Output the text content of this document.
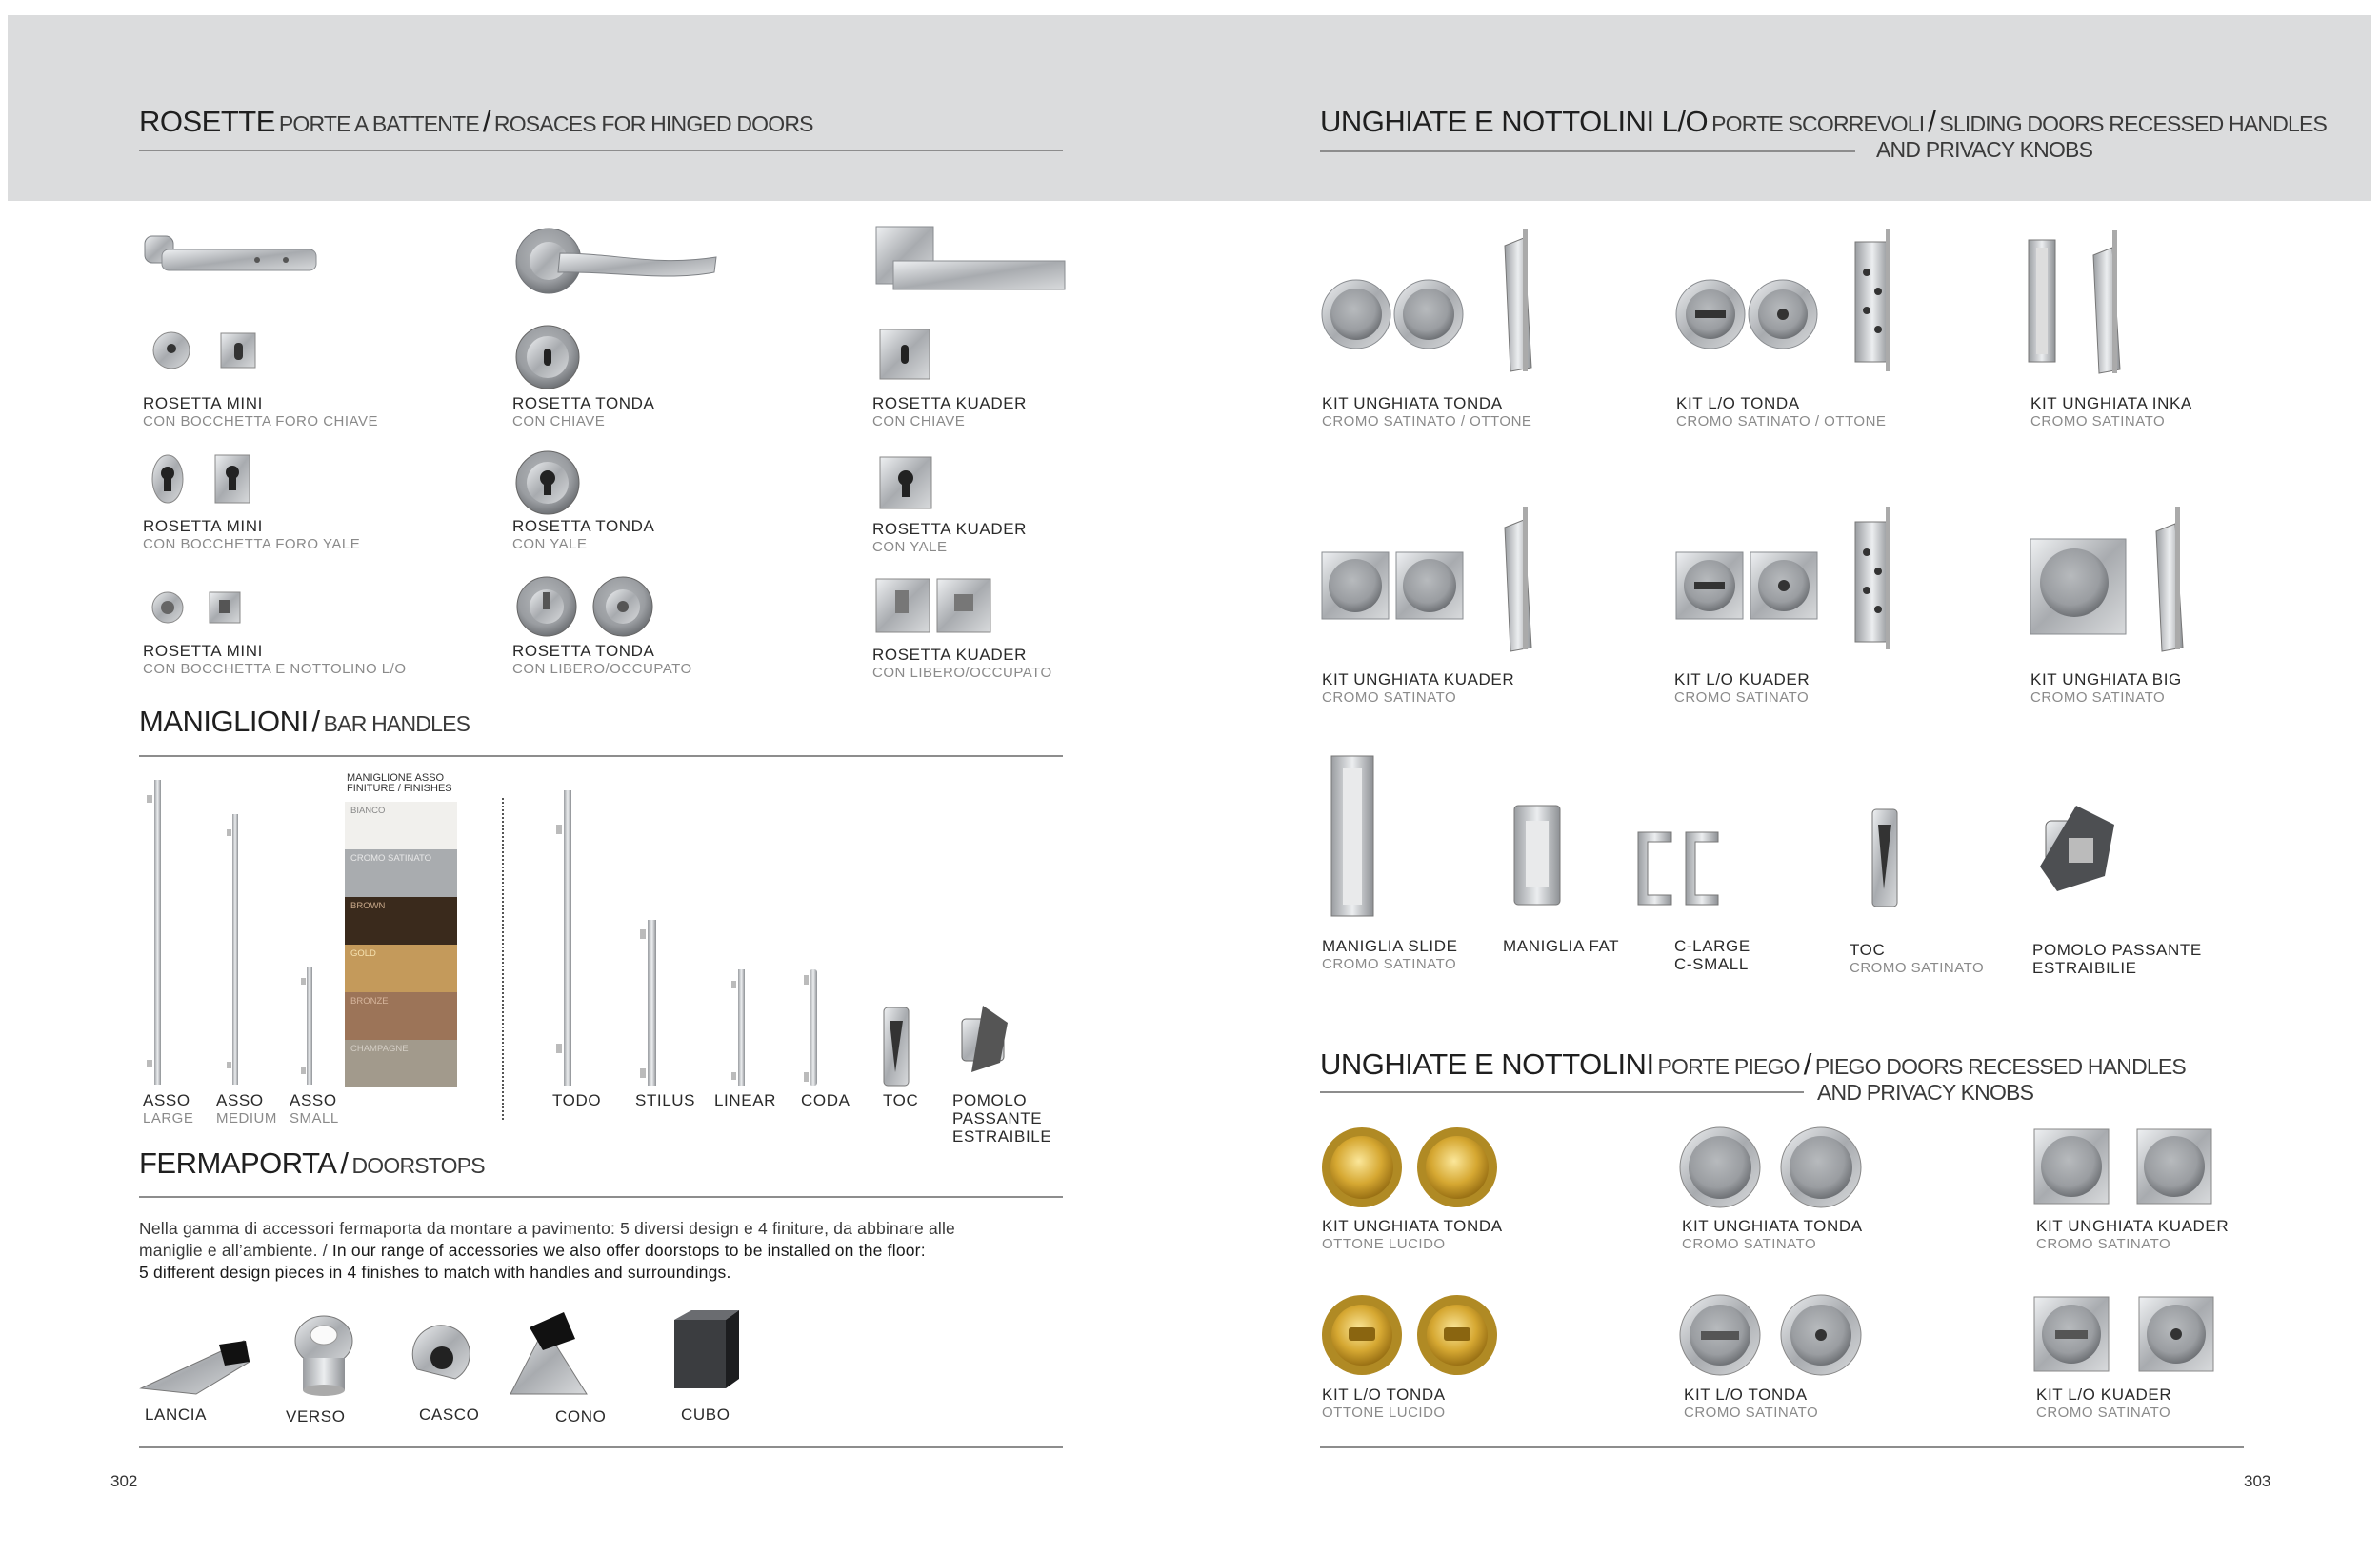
ROSETTE PORTE A BATTENTE / ROSACES FOR HINGED DOORS
ROSETTA MINI
CON BOCCHETTA FORO CHIAVE
ROSETTA TONDA
CON CHIAVE
ROSETTA KUADER
CON CHIAVE
ROSETTA MINI
CON BOCCHETTA FORO YALE
ROSETTA TONDA
CON YALE
ROSETTA KUADER
CON YALE
ROSETTA MINI
CON BOCCHETTA E NOTTOLINO L/O
ROSETTA TONDA
CON LIBERO/OCCUPATO
ROSETTA KUADER
CON LIBERO/OCCUPATO
MANIGLIONI / BAR HANDLES
MANIGLIONE ASSO
FINITURE / FINISHES
BIANCO
CROMO SATINATO
BROWN
GOLD
BRONZE
CHAMPAGNE
ASSO
LARGE
ASSO
MEDIUM
ASSO
SMALL
TODO STILUS LINEAR CODA TOC POMOLO
PASSANTE
ESTRAIBILE
FERMAPORTA / DOORSTOPS
Nella gamma di accessori fermaporta da montare a pavimento: 5 diversi design e 4 finiture, da abbinare alle
maniglie e all’ambiente. / In our range of accessories we also offer doorstops to be installed on the floor:
5 different design pieces in 4 finishes to match with handles and surroundings.
LANCIA	VERSO	CASCO	CONO	CUBO
302
UNGHIATE E NOTTOLINI L/O PORTE SCORREVOLI / SLIDING DOORS RECESSED HANDLES
AND PRIVACY KNOBS
KIT UNGHIATA TONDA
CROMO SATINATO / OTTONE
KIT L/O TONDA
CROMO SATINATO / OTTONE
KIT UNGHIATA INKA
CROMO SATINATO
KIT UNGHIATA KUADER
CROMO SATINATO
KIT L/O KUADER
CROMO SATINATO
KIT UNGHIATA BIG
CROMO SATINATO
MANIGLIA SLIDE
CROMO SATINATO
MANIGLIA FAT	C-LARGE
C-SMALL
TOC
CROMO SATINATO
POMOLO PASSANTE
ESTRAIBILIE
UNGHIATE E NOTTOLINI PORTE PIEGO / PIEGO DOORS RECESSED HANDLES
AND PRIVACY KNOBS
KIT UNGHIATA TONDA
OTTONE LUCIDO
KIT UNGHIATA TONDA
CROMO SATINATO
KIT UNGHIATA KUADER
CROMO SATINATO
KIT L/O TONDA
OTTONE LUCIDO
KIT L/O TONDA
CROMO SATINATO
KIT L/O KUADER
CROMO SATINATO
303
